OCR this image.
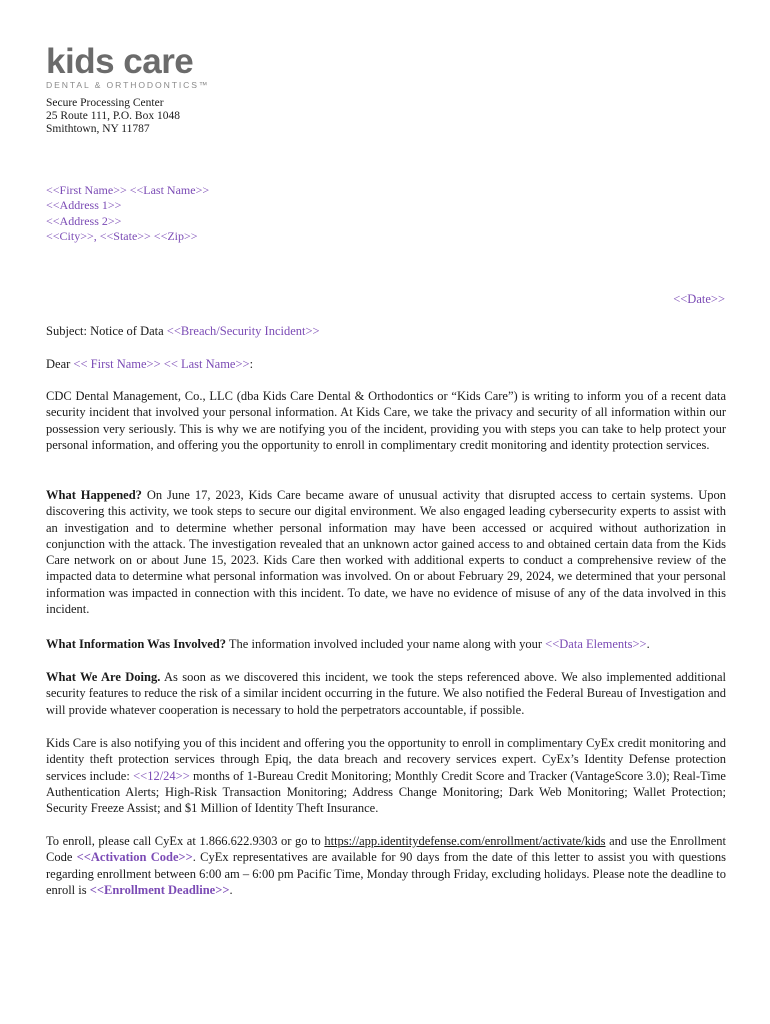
kids care
DENTAL & ORTHODONTICS™
Secure Processing Center
25 Route 111, P.O. Box 1048
Smithtown, NY 11787
<<First Name>> <<Last Name>>
<<Address 1>>
<<Address 2>>
<<City>>, <<State>> <<Zip>>
<<Date>>
Subject: Notice of Data <<Breach/Security Incident>>
Dear << First Name>> << Last Name>>:
CDC Dental Management, Co., LLC (dba Kids Care Dental & Orthodontics or “Kids Care”) is writing to inform you of a recent data security incident that involved your personal information. At Kids Care, we take the privacy and security of all information within our possession very seriously. This is why we are notifying you of the incident, providing you with steps you can take to help protect your personal information, and offering you the opportunity to enroll in complimentary credit monitoring and identity protection services.
What Happened? On June 17, 2023, Kids Care became aware of unusual activity that disrupted access to certain systems. Upon discovering this activity, we took steps to secure our digital environment. We also engaged leading cybersecurity experts to assist with an investigation and to determine whether personal information may have been accessed or acquired without authorization in conjunction with the attack. The investigation revealed that an unknown actor gained access to and obtained certain data from the Kids Care network on or about June 15, 2023. Kids Care then worked with additional experts to conduct a comprehensive review of the impacted data to determine what personal information was involved. On or about February 29, 2024, we determined that your personal information was impacted in connection with this incident. To date, we have no evidence of misuse of any of the data involved in this incident.
What Information Was Involved? The information involved included your name along with your <<Data Elements>>.
What We Are Doing. As soon as we discovered this incident, we took the steps referenced above. We also implemented additional security features to reduce the risk of a similar incident occurring in the future. We also notified the Federal Bureau of Investigation and will provide whatever cooperation is necessary to hold the perpetrators accountable, if possible.
Kids Care is also notifying you of this incident and offering you the opportunity to enroll in complimentary CyEx credit monitoring and identity theft protection services through Epiq, the data breach and recovery services expert. CyEx’s Identity Defense protection services include: <<12/24>> months of 1-Bureau Credit Monitoring; Monthly Credit Score and Tracker (VantageScore 3.0); Real-Time Authentication Alerts; High-Risk Transaction Monitoring; Address Change Monitoring; Dark Web Monitoring; Wallet Protection; Security Freeze Assist; and $1 Million of Identity Theft Insurance.
To enroll, please call CyEx at 1.866.622.9303 or go to https://app.identitydefense.com/enrollment/activate/kids and use the Enrollment Code <<Activation Code>>. CyEx representatives are available for 90 days from the date of this letter to assist you with questions regarding enrollment between 6:00 am – 6:00 pm Pacific Time, Monday through Friday, excluding holidays. Please note the deadline to enroll is <<Enrollment Deadline>>.
